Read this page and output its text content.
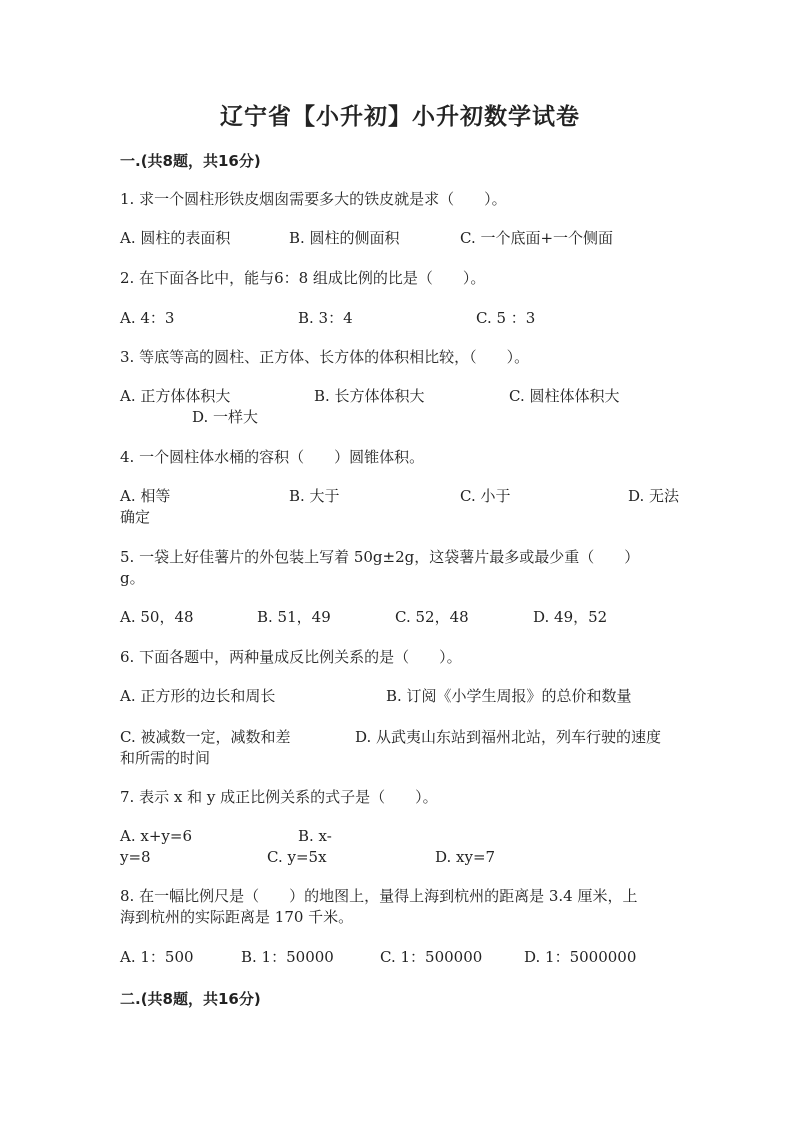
辽宁省【小升初】小升初数学试卷
一.(共8题，共16分)
1. 求一个圆柱形铁皮烟囱需要多大的铁皮就是求（　　）。
A. 圆柱的表面积	B. 圆柱的侧面积	C. 一个底面+一个侧面
2. 在下面各比中，能与6：8 组成比例的比是（　　）。
A. 4：3	B. 3：4	C. 5 ：3
3. 等底等高的圆柱、正方体、长方体的体积相比较，（　　）。
A. 正方体体积大	B. 长方体体积大	C. 圆柱体体积大
D. 一样大
4. 一个圆柱体水桶的容积（　　）圆锥体积。
A. 相等	B. 大于	C. 小于	D. 无法
确定
5. 一袋上好佳薯片的外包装上写着 50g±2g，这袋薯片最多或最少重（　　）
g。
A. 50，48	B. 51，49	C. 52，48	D. 49，52
6. 下面各题中，两种量成反比例关系的是（　　）。
A. 正方形的边长和周长	B. 订阅《小学生周报》的总价和数量
C. 被减数一定，减数和差	D. 从武夷山东站到福州北站，列车行驶的速度
和所需的时间
7. 表示 x 和 y 成正比例关系的式子是（　　）。
A. x+y=6	B. x-
y=8	C. y=5x	D. xy=7
8. 在一幅比例尺是（　　）的地图上，量得上海到杭州的距离是 3.4 厘米，上
海到杭州的实际距离是 170 千米。
A. 1：500	B. 1：50000	C. 1：500000	D. 1：5000000
二.(共8题，共16分)
